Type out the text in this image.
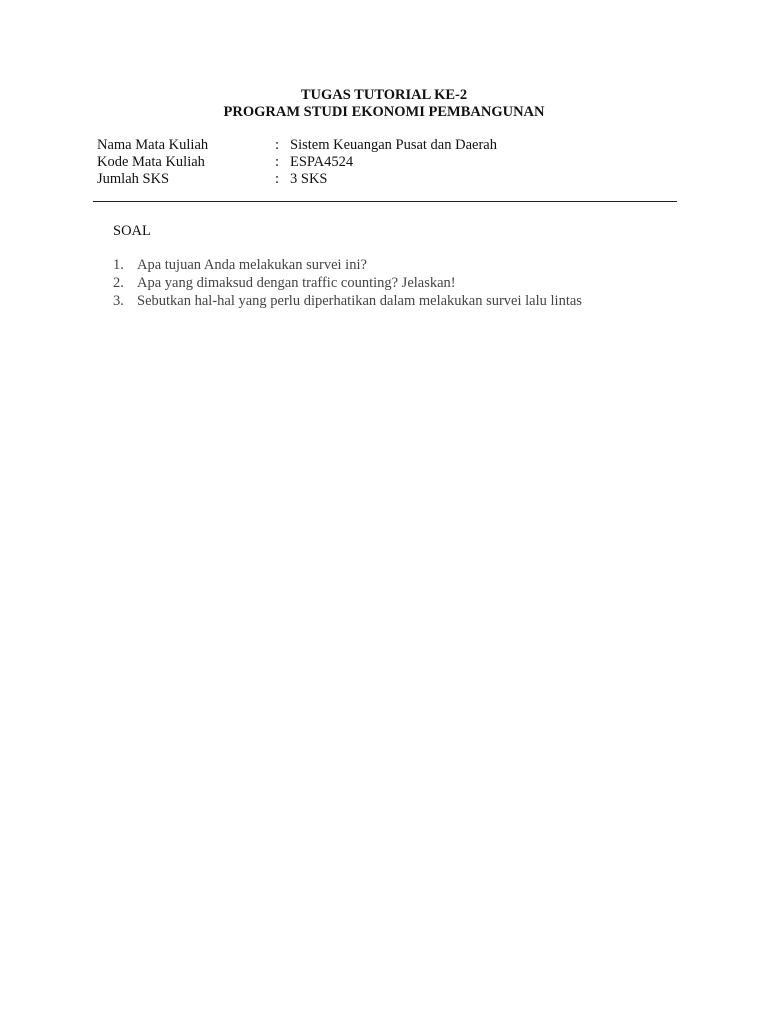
TUGAS TUTORIAL KE-2
PROGRAM STUDI EKONOMI PEMBANGUNAN
Nama Mata Kuliah	: Sistem Keuangan Pusat dan Daerah
Kode Mata Kuliah	: ESPA4524
Jumlah SKS	: 3 SKS
SOAL
1. Apa tujuan Anda melakukan survei ini?
2. Apa yang dimaksud dengan traffic counting? Jelaskan!
3. Sebutkan hal-hal yang perlu diperhatikan dalam melakukan survei lalu lintas
